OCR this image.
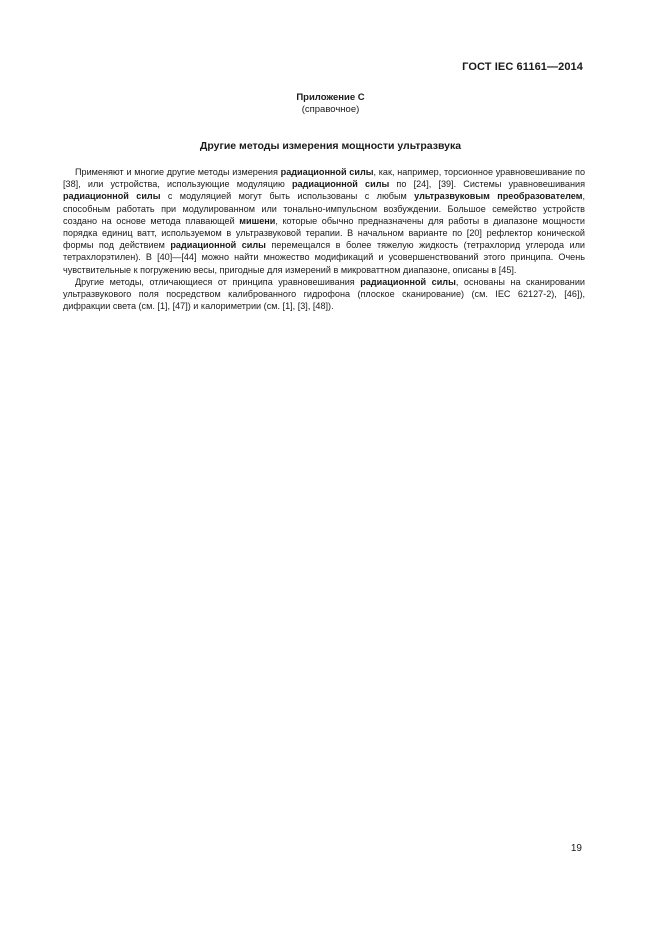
ГОСТ IEC 61161—2014
Приложение С
(справочное)
Другие методы измерения мощности ультразвука

Применяют и многие другие методы измерения радиационной силы, как, например, торсионное уравновешивание по [38], или устройства, использующие модуляцию радиационной силы по [24], [39]. Системы уравновешивания радиационной силы с модуляцией могут быть использованы с любым ультразвуковым преобразователем, способным работать при модулированном или тонально-импульсном возбуждении. Большое семейство устройств создано на основе метода плавающей мишени, которые обычно предназначены для работы в диапазоне мощности порядка единиц ватт, используемом в ультразвуковой терапии. В начальном варианте по [20] рефлектор конической формы под действием радиационной силы перемещался в более тяжелую жидкость (тетрахлорид углерода или тетрахлорэтилен). В [40]—[44] можно найти множество модификаций и усовершенствований этого принципа. Очень чувствительные к погружению весы, пригодные для измерений в микроваттном диапазоне, описаны в [45].

Другие методы, отличающиеся от принципа уравновешивания радиационной силы, основаны на сканировании ультразвукового поля посредством калиброванного гидрофона (плоское сканирование) (см. IEC 62127-2), [46]), дифракции света (см. [1], [47]) и калориметрии (см. [1], [3], [48]).

19
